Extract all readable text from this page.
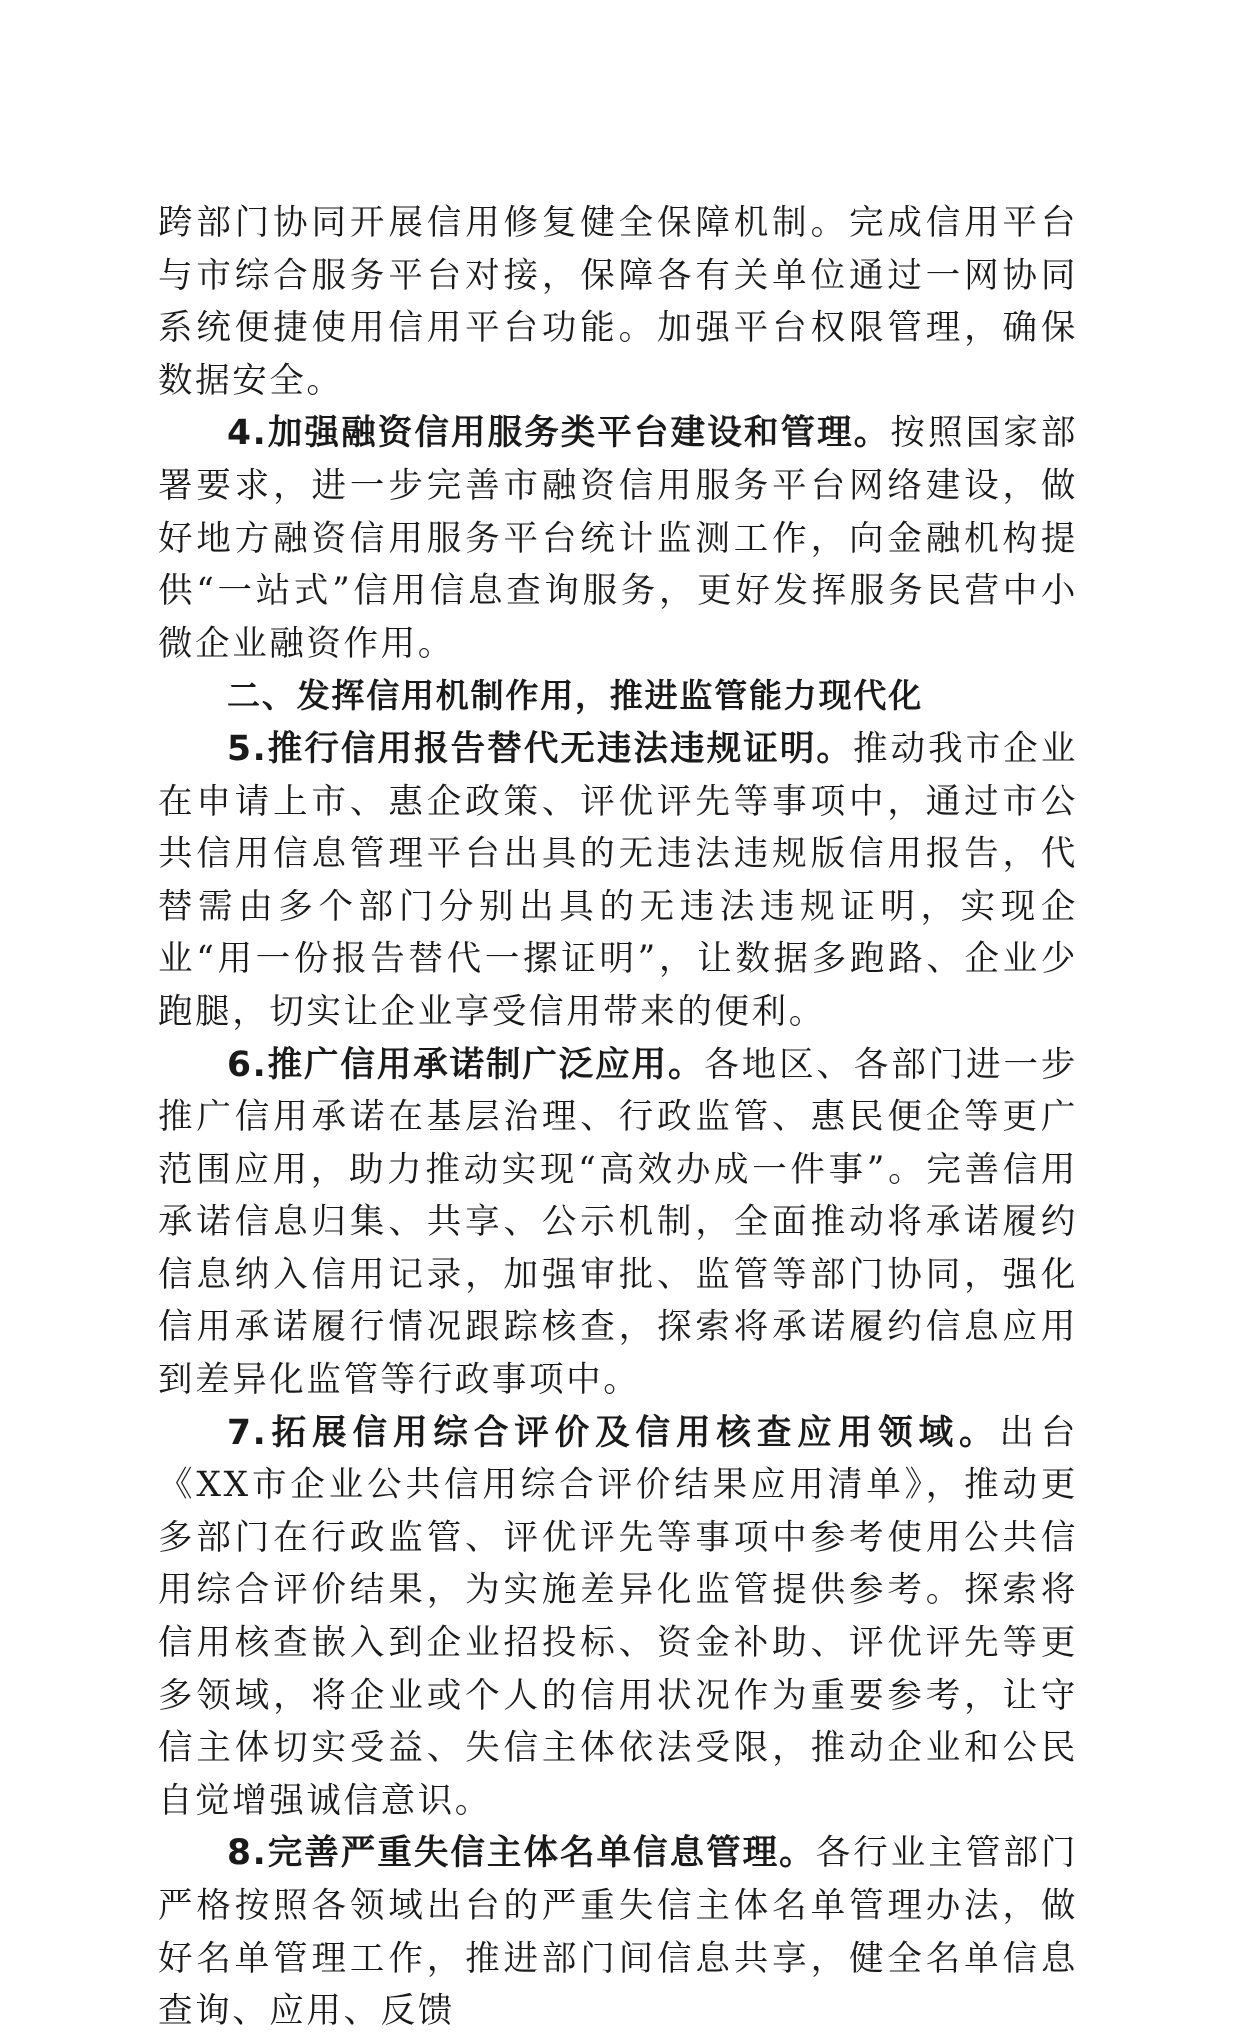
跨部门协同开展信用修复健全保障机制。完成信用平台与市综合服务平台对接，保障各有关单位通过一网协同系统便捷使用信用平台功能。加强平台权限管理，确保数据安全。

4.加强融资信用服务类平台建设和管理。按照国家部署要求，进一步完善市融资信用服务平台网络建设，做好地方融资信用服务平台统计监测工作，向金融机构提供“一站式”信用信息查询服务，更好发挥服务民营中小微企业融资作用。

二、发挥信用机制作用，推进监管能力现代化

5.推行信用报告替代无违法违规证明。推动我市企业在申请上市、惠企政策、评优评先等事项中，通过市公共信用信息管理平台出具的无违法违规版信用报告，代替需由多个部门分别出具的无违法违规证明，实现企业“用一份报告替代一摞证明”，让数据多跑路、企业少跑腿，切实让企业享受信用带来的便利。

6.推广信用承诺制广泛应用。各地区、各部门进一步推广信用承诺在基层治理、行政监管、惠民便企等更广范围应用，助力推动实现“高效办成一件事”。完善信用承诺信息归集、共享、公示机制，全面推动将承诺履约信息纳入信用记录，加强审批、监管等部门协同，强化信用承诺履行情况跟踪核查，探索将承诺履约信息应用到差异化监管等行政事项中。

7.拓展信用综合评价及信用核查应用领域。出台《XX市企业公共信用综合评价结果应用清单》，推动更多部门在行政监管、评优评先等事项中参考使用公共信用综合评价结果，为实施差异化监管提供参考。探索将信用核查嵌入到企业招投标、资金补助、评优评先等更多领域，将企业或个人的信用状况作为重要参考，让守信主体切实受益、失信主体依法受限，推动企业和公民自觉增强诚信意识。

8.完善严重失信主体名单信息管理。各行业主管部门严格按照各领域出台的严重失信主体名单管理办法，做好名单管理工作，推进部门间信息共享，健全名单信息查询、应用、反馈
